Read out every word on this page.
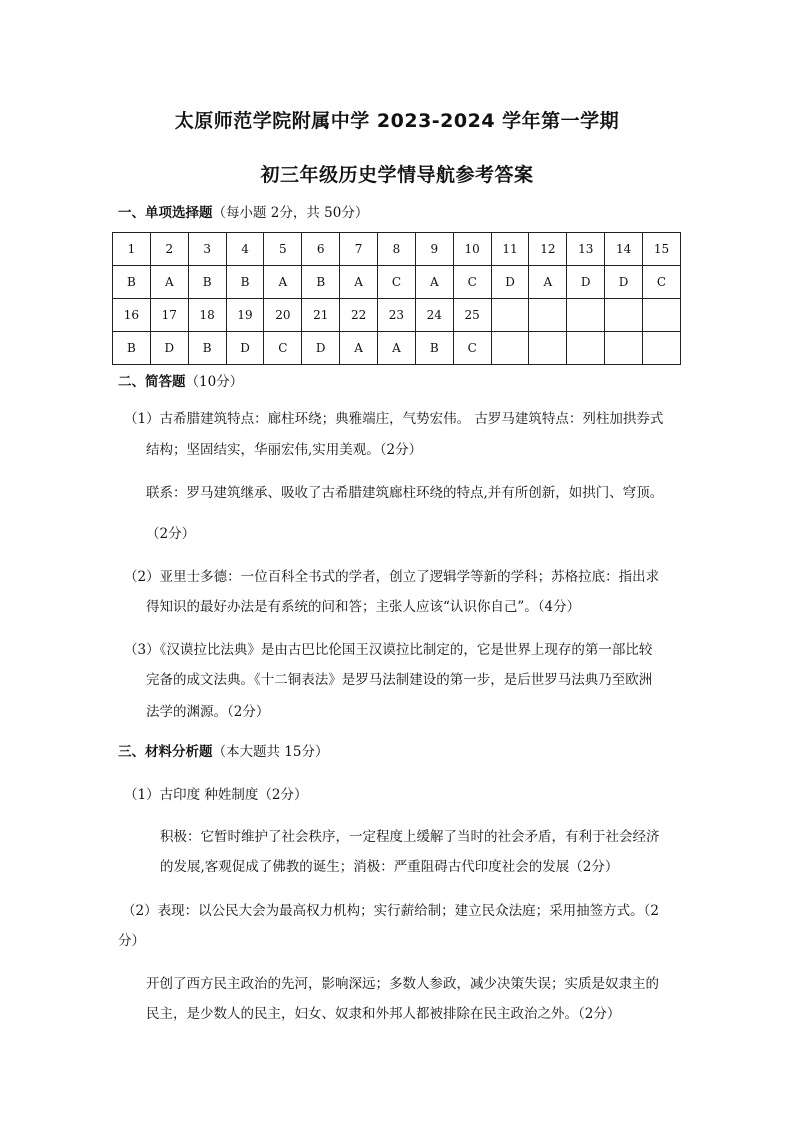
太原师范学院附属中学 2023-2024 学年第一学期
初三年级历史学情导航参考答案
一、单项选择题（每小题 2分，共 50分）
1	2	3	4	5	6	7	8	9	10	11	12	13	14	15
B	A	B	B	A	B	A	C	A	C	D	A	D	D	C
16	17	18	19	20	21	22	23	24	25					
B	D	B	D	C	D	A	A	B	C					
二、简答题（10分）
（1）古希腊建筑特点：廊柱环绕；典雅端庄，气势宏伟。 古罗马建筑特点：列柱加拱券式
结构；坚固结实，华丽宏伟,实用美观。（2分）
联系：罗马建筑继承、吸收了古希腊建筑廊柱环绕的特点,并有所创新，如拱门、穹顶。
（2分）
（2）亚里士多德：一位百科全书式的学者，创立了逻辑学等新的学科；苏格拉底：指出求
得知识的最好办法是有系统的问和答；主张人应该“认识你自己”。（4分）
（3）《汉谟拉比法典》是由古巴比伦国王汉谟拉比制定的，它是世界上现存的第一部比较
完备的成文法典。《十二铜表法》是罗马法制建设的第一步，是后世罗马法典乃至欧洲
法学的渊源。（2分）
三、材料分析题（本大题共 15分）
（1）古印度 种姓制度（2分）
积极：它暂时维护了社会秩序，一定程度上缓解了当时的社会矛盾，有利于社会经济
的发展,客观促成了佛教的诞生；消极：严重阻碍古代印度社会的发展（2分）
（2）表现：以公民大会为最高权力机构；实行薪给制；建立民众法庭；采用抽签方式。（2
分）
开创了西方民主政治的先河，影响深远；多数人参政，减少决策失误；实质是奴隶主的
民主，是少数人的民主，妇女、奴隶和外邦人都被排除在民主政治之外。（2分）
